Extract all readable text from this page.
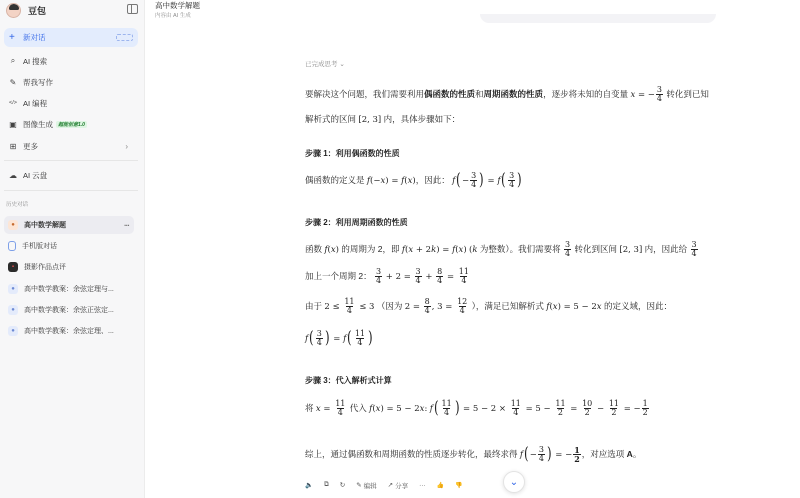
豆包
+	新对话
⌕	AI 搜索
✎ 帮我写作
</> AI 编程
▣ 图像生成	超能创意1.0
⊞ 更多	›
☁ AI 云盘
历史对话
●	高中数学解题	···
手机版对话
▪	摄影作品点评
●	高中数学教案：余弦定理与...
●	高中数学教案：余弦正弦定...
●	高中数学教案：余弦定理、...
高中数学解题
内容由 AI 生成
已完成思考 ⌄
要解决这个问题，我们需要利用偶函数的性质和周期函数的性质，逐步将未知的自变量 x = − $\frac{3}{4}$ 转化到已知
解析式的区间 [2, 3] 内，具体步骤如下：
步骤 1：利用偶函数的性质
偶函数的定义是 f(−x) = f(x)，因此： $f(- \frac{3}{4}$ ) = $f( \frac{3}{4}$ )
步骤 2：利用周期函数的性质
函数 f(x) 的周期为 2，即 f(x + 2k) = f(x) (k 为整数）。我们需要将 $\frac{3}{4}$ 转化到区间 [2, 3] 内，因此给 $\frac{3}{4}$
加上一个周期 2： $\frac{3}{4} + 2 = \frac{3}{4} + \frac{8}{4} = \frac{11}{4}$
由于 $2 \le \frac{11}{4} \le 3$ （因为 $2 = \frac{8}{4}$ , $3 = \frac{12}{4}$ ），满足已知解析式 f(x) = 5 − 2x 的定义域，因此：
$f( \frac{3}{4}$ ) = $f( \frac{11}{4}$ )
步骤 3：代入解析式计算
将 $x = \frac{11}{4}$ 代入 f(x) = 5 − 2x: $f( \frac{11}{4}$ ) = $5 - 2 \times \frac{11}{4} = 5 - \frac{11}{2} = \frac{10}{2} - \frac{11}{2}$ = − $\frac{1}{2}$
综上，通过偶函数和周期函数的性质逐步转化，最终求得 $f(- \frac{3}{4}$ ) = − $\frac{1}{2}$ ，对应选项 A。
🔈 ⧉ ↻ ✎ 编辑 ↗ 分享 ··· 👍 👎	⌄
